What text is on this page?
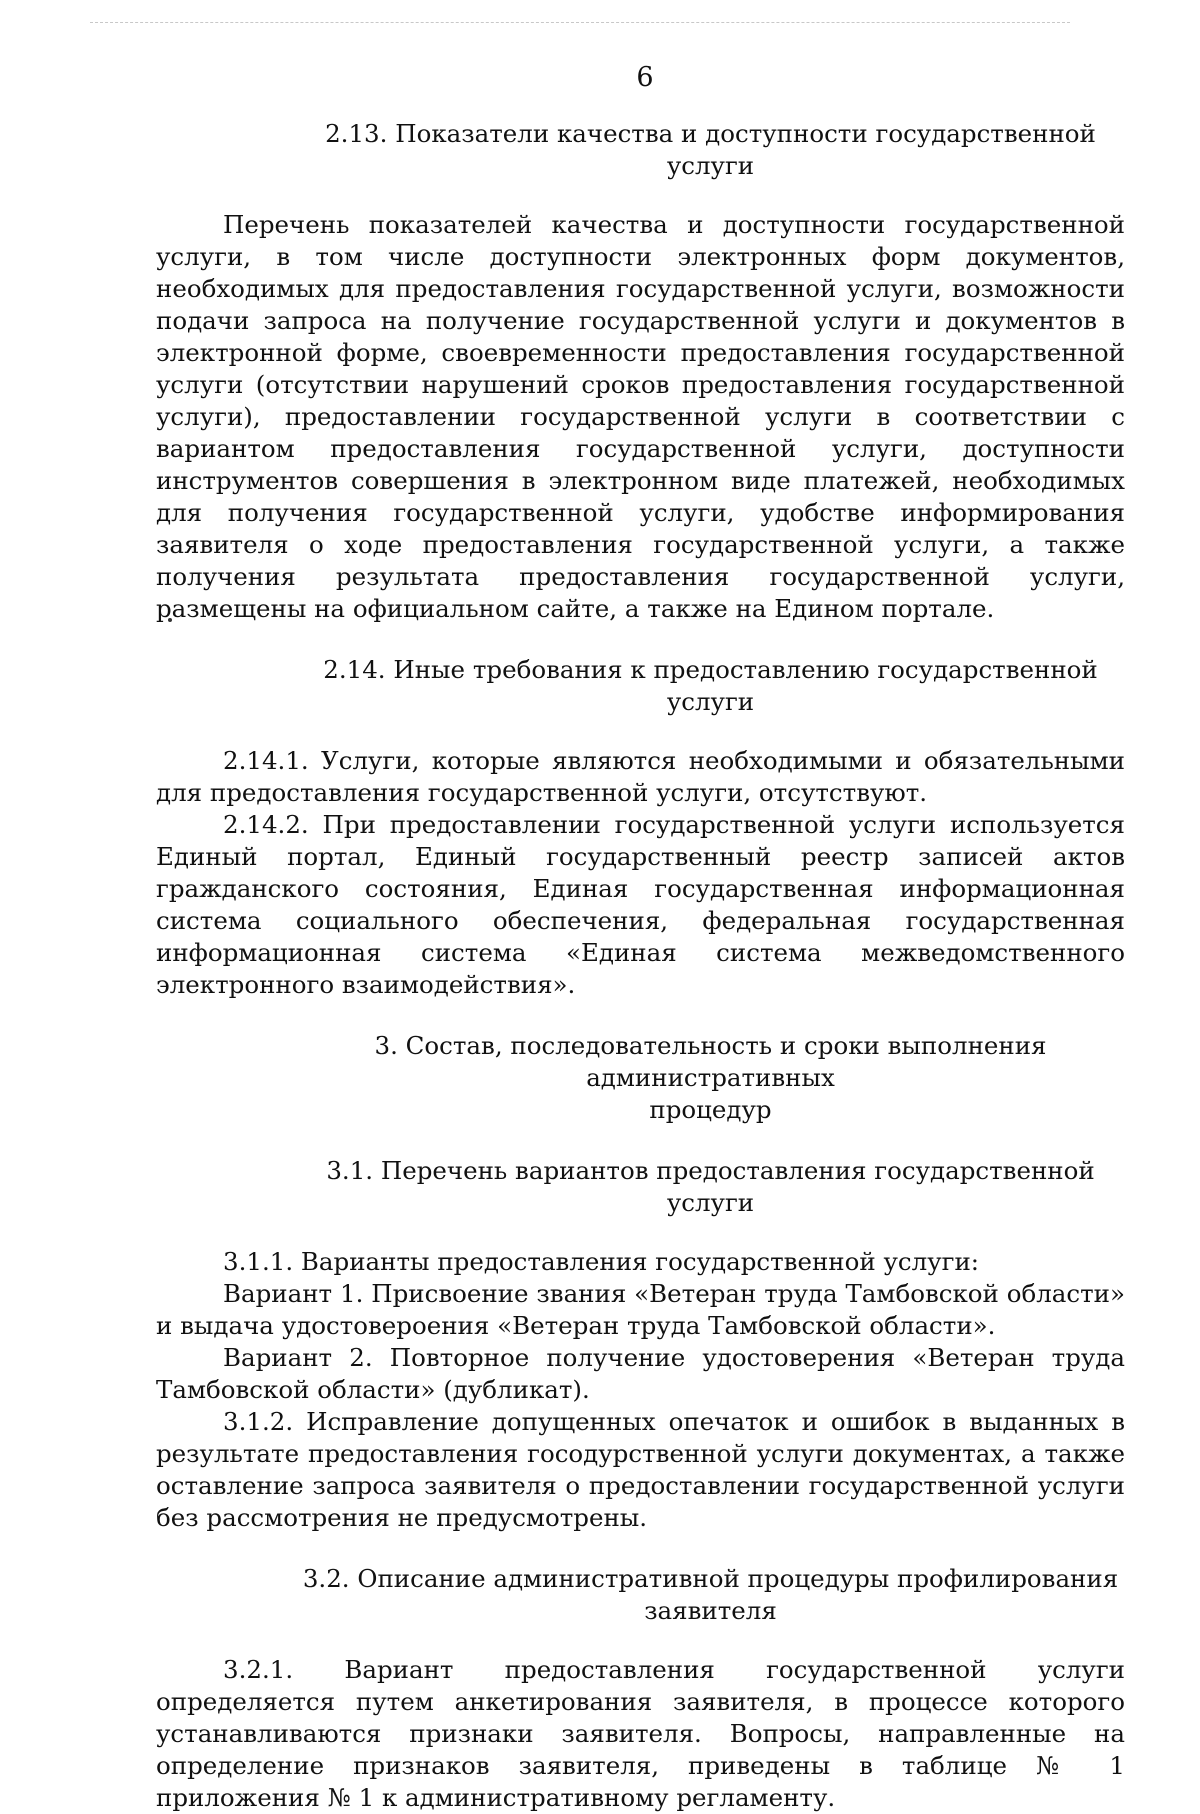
6

2.13. Показатели качества и доступности государственной услуги

Перечень показателей качества и доступности государственной услуги, в том числе доступности электронных форм документов, необходимых для предоставления государственной услуги, возможности подачи запроса на получение государственной услуги и документов в электронной форме, своевременности предоставления государственной услуги (отсутствии нарушений сроков предоставления государственной услуги), предоставлении государственной услуги в соответствии с вариантом предоставления государственной услуги, доступности инструментов совершения в электронном виде платежей, необходимых для получения государственной услуги, удобстве информирования заявителя о ходе предоставления государственной услуги, а также получения результата предоставления государственной услуги, размещены на официальном сайте, а также на Едином портале.

2.14. Иные требования к предоставлению государственной услуги

2.14.1. Услуги, которые являются необходимыми и обязательными для предоставления государственной услуги, отсутствуют.

2.14.2. При предоставлении государственной услуги используется Единый портал, Единый государственный реестр записей актов гражданского состояния, Единая государственная информационная система социального обеспечения, федеральная государственная информационная система «Единая система межведомственного электронного взаимодействия».

3. Состав, последовательность и сроки выполнения административных

процедур

3.1. Перечень вариантов предоставления государственной услуги

3.1.1. Варианты предоставления государственной услуги:

Вариант 1. Присвоение звания «Ветеран труда Тамбовской области» и выдача удостовероения «Ветеран труда Тамбовской области».

Вариант 2. Повторное получение удостоверения «Ветеран труда Тамбовской области» (дубликат).

3.1.2. Исправление допущенных опечаток и ошибок в выданных в результате предоставления госодурственной услуги документах, а также оставление запроса заявителя о предоставлении государственной услуги без рассмотрения не предусмотрены.

3.2. Описание административной процедуры профилирования заявителя

3.2.1. Вариант предоставления государственной услуги определяется путем анкетирования заявителя, в процессе которого устанавливаются признаки заявителя. Вопросы, направленные на определение признаков заявителя, приведены в таблице № 1 приложения № 1 к административному регламенту.
